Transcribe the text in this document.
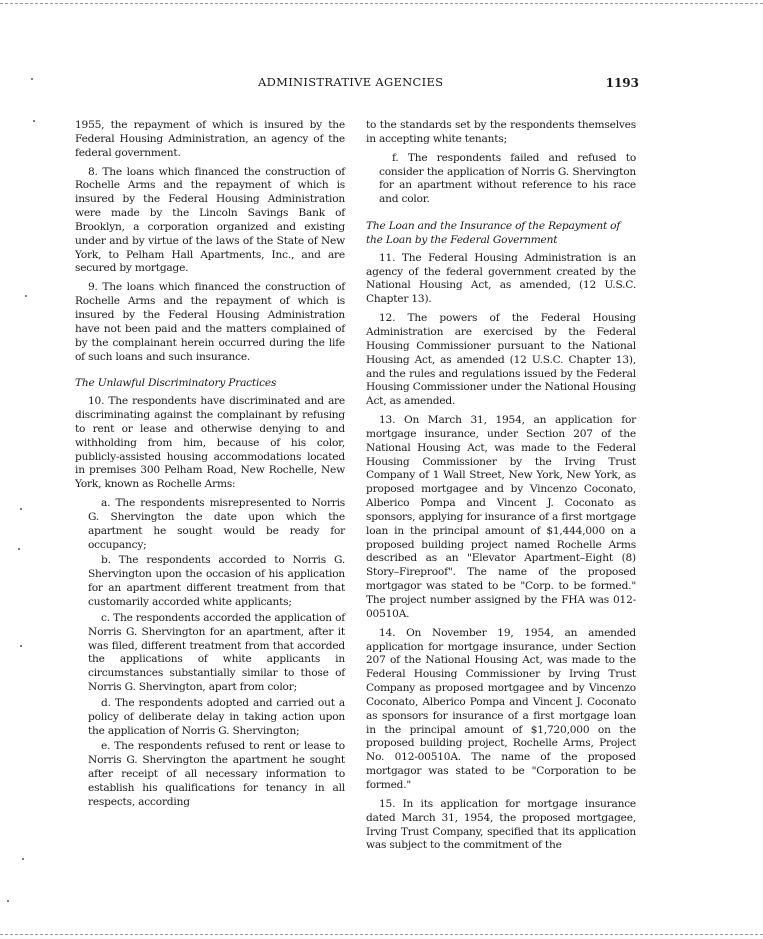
ADMINISTRATIVE AGENCIES	1193

1955, the repayment of which is insured by the Federal Housing Administration, an agency of the federal government.

8. The loans which financed the construction of Rochelle Arms and the repayment of which is insured by the Federal Housing Administration were made by the Lincoln Savings Bank of Brooklyn, a corporation organized and existing under and by virtue of the laws of the State of New York, to Pelham Hall Apartments, Inc., and are secured by mortgage.

9. The loans which financed the construction of Rochelle Arms and the repayment of which is insured by the Federal Housing Administration have not been paid and the matters complained of by the complainant herein occurred during the life of such loans and such insurance.

The Unlawful Discriminatory Practices

10. The respondents have discriminated and are discriminating against the complainant by refusing to rent or lease and otherwise denying to and withholding from him, because of his color, publicly-assisted housing accommodations located in premises 300 Pelham Road, New Rochelle, New York, known as Rochelle Arms:

a. The respondents misrepresented to Norris G. Shervington the date upon which the apartment he sought would be ready for occupancy;

b. The respondents accorded to Norris G. Shervington upon the occasion of his application for an apartment different treatment from that customarily accorded white applicants;

c. The respondents accorded the application of Norris G. Shervington for an apartment, after it was filed, different treatment from that accorded the applications of white applicants in circumstances substantially similar to those of Norris G. Shervington, apart from color;

d. The respondents adopted and carried out a policy of deliberate delay in taking action upon the application of Norris G. Shervington;

e. The respondents refused to rent or lease to Norris G. Shervington the apartment he sought after receipt of all necessary information to establish his qualifications for tenancy in all respects, according

to the standards set by the respondents themselves in accepting white tenants;

f. The respondents failed and refused to consider the application of Norris G. Shervington for an apartment without reference to his race and color.

The Loan and the Insurance of the Repayment of the Loan by the Federal Government

11. The Federal Housing Administration is an agency of the federal government created by the National Housing Act, as amended, (12 U.S.C. Chapter 13).

12. The powers of the Federal Housing Administration are exercised by the Federal Housing Commissioner pursuant to the National Housing Act, as amended (12 U.S.C. Chapter 13), and the rules and regulations issued by the Federal Housing Commissioner under the National Housing Act, as amended.

13. On March 31, 1954, an application for mortgage insurance, under Section 207 of the National Housing Act, was made to the Federal Housing Commissioner by the Irving Trust Company of 1 Wall Street, New York, New York, as proposed mortgagee and by Vincenzo Coconato, Alberico Pompa and Vincent J. Coconato as sponsors, applying for insurance of a first mortgage loan in the principal amount of $1,444,000 on a proposed building project named Rochelle Arms described as an "Elevator Apartment–Eight (8) Story–Fireproof". The name of the proposed mortgagor was stated to be "Corp. to be formed." The project number assigned by the FHA was 012-00510A.

14. On November 19, 1954, an amended application for mortgage insurance, under Section 207 of the National Housing Act, was made to the Federal Housing Commissioner by Irving Trust Company as proposed mortgagee and by Vincenzo Coconato, Alberico Pompa and Vincent J. Coconato as sponsors for insurance of a first mortgage loan in the principal amount of $1,720,000 on the proposed building project, Rochelle Arms, Project No. 012-00510A. The name of the proposed mortgagor was stated to be "Corporation to be formed."

15. In its application for mortgage insurance dated March 31, 1954, the proposed mortgagee, Irving Trust Company, specified that its application was subject to the commitment of the
